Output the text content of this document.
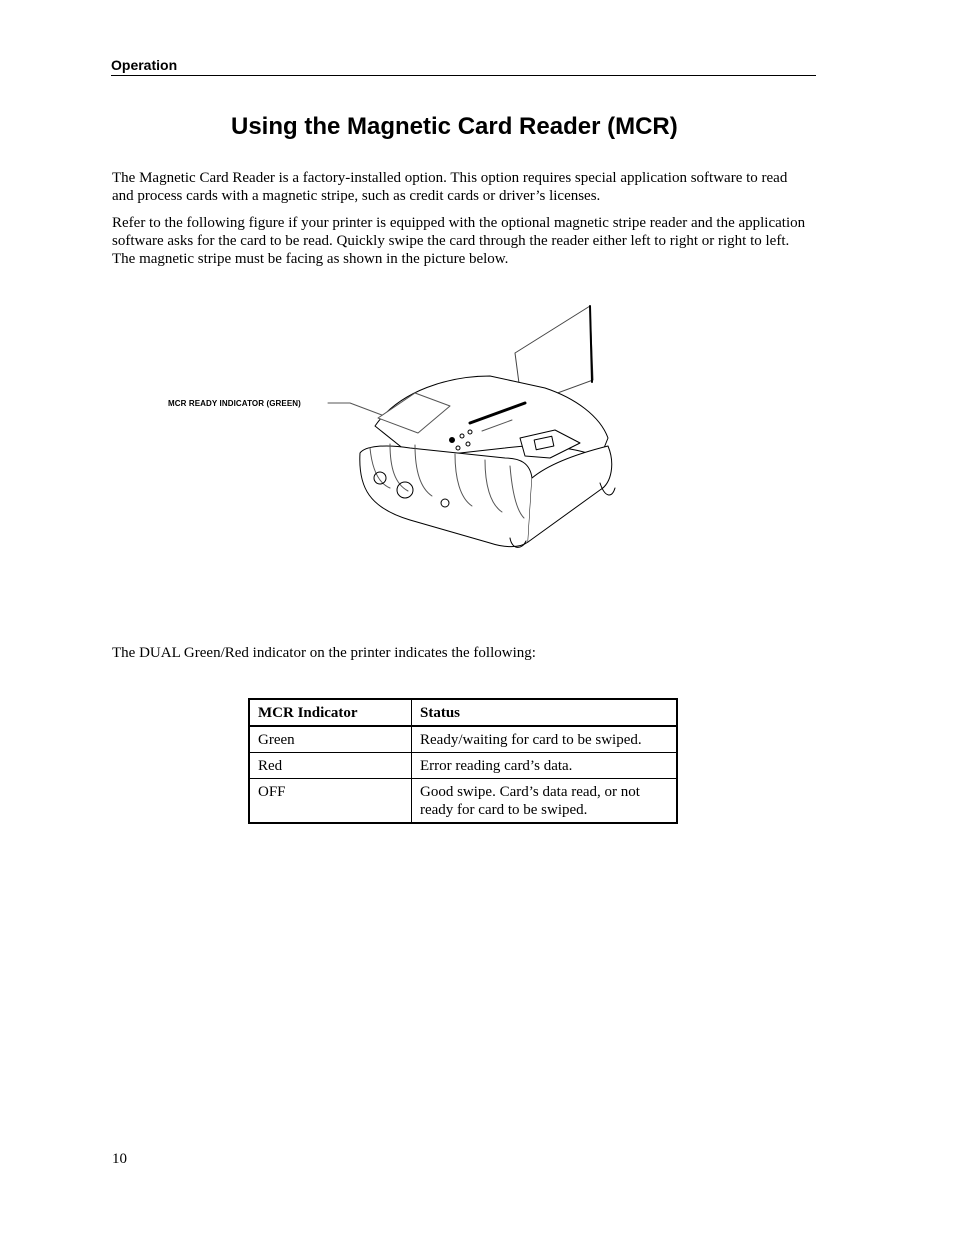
Operation
Using the Magnetic Card Reader (MCR)

The Magnetic Card Reader is a factory-installed option. This option requires special application software to read and process cards with a magnetic stripe, such as credit cards or driver’s licenses.

Refer to the following figure if your printer is equipped with the optional magnetic stripe reader and the application software asks for the card to be read. Quickly swipe the card through the reader either left to right or right to left. The magnetic stripe must be facing as shown in the picture below.

MCR READY INDICATOR (GREEN)

The DUAL Green/Red indicator on the printer indicates the following:

MCR Indicator	Status
Green	Ready/waiting for card to be swiped.
Red	Error reading card’s data.
OFF	Good swipe. Card’s data read, or not ready for card to be swiped.
10
